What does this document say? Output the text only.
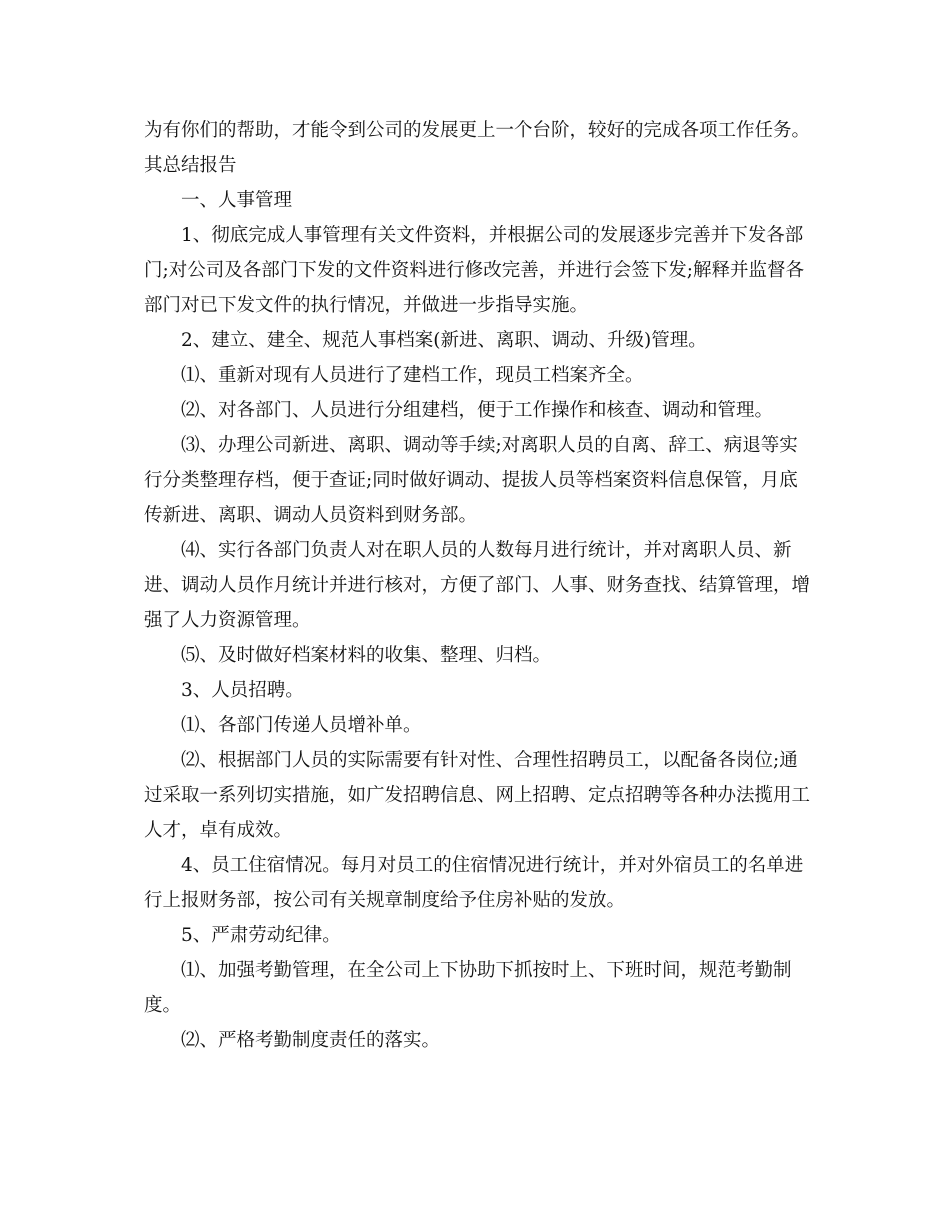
为有你们的帮助，才能令到公司的发展更上一个台阶，较好的完成各项工作任务。

其总结报告

一、人事管理

1、彻底完成人事管理有关文件资料，并根据公司的发展逐步完善并下发各部门;对公司及各部门下发的文件资料进行修改完善，并进行会签下发;解释并监督各部门对已下发文件的执行情况，并做进一步指导实施。

2、建立、建全、规范人事档案(新进、离职、调动、升级)管理。

⑴、重新对现有人员进行了建档工作，现员工档案齐全。

⑵、对各部门、人员进行分组建档，便于工作操作和核查、调动和管理。

⑶、办理公司新进、离职、调动等手续;对离职人员的自离、辞工、病退等实行分类整理存档，便于查证;同时做好调动、提拔人员等档案资料信息保管，月底传新进、离职、调动人员资料到财务部。

⑷、实行各部门负责人对在职人员的人数每月进行统计，并对离职人员、新进、调动人员作月统计并进行核对，方便了部门、人事、财务查找、结算管理，增强了人力资源管理。

⑸、及时做好档案材料的收集、整理、归档。

3、人员招聘。

⑴、各部门传递人员增补单。

⑵、根据部门人员的实际需要有针对性、合理性招聘员工，以配备各岗位;通过采取一系列切实措施，如广发招聘信息、网上招聘、定点招聘等各种办法揽用工人才，卓有成效。

4、员工住宿情况。每月对员工的住宿情况进行统计，并对外宿员工的名单进行上报财务部，按公司有关规章制度给予住房补贴的发放。

5、严肃劳动纪律。

⑴、加强考勤管理，在全公司上下协助下抓按时上、下班时间，规范考勤制度。

⑵、严格考勤制度责任的落实。
